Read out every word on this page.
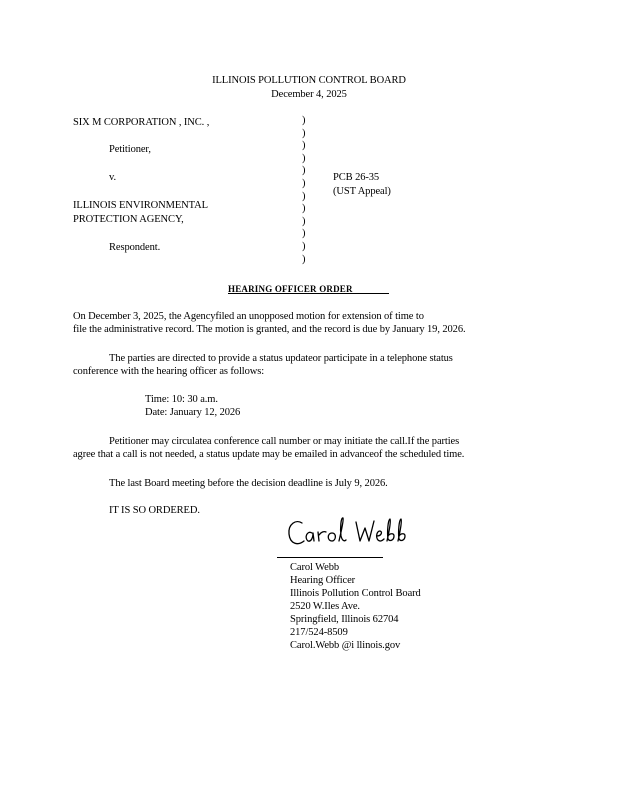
ILLINOIS POLLUTION CONTROL BOARD
December 4, 2025
SIX M CORPORATION , INC. ,
Petitioner,
v.
ILLINOIS ENVIRONMENTAL
PROTECTION AGENCY,
Respondent.
)
)
)
)
)
)
)
)
)
)
)
)
PCB 26-35
(UST Appeal)
HEARING OFFICER ORDER
On December 3, 2025, the Agencyfiled an unopposed motion for extension of time to
file the administrative record. The motion is granted, and the record is due by January 19, 2026.
The parties are directed to provide a status updateor participate in a telephone status
conference with the hearing officer as follows:
Time: 10: 30 a.m.
Date: January 12, 2026
Petitioner may circulatea conference call number or may initiate the call.If the parties
agree that a call is not needed, a status update may be emailed in advanceof the scheduled time.
The last Board meeting before the decision deadline is July 9, 2026.
IT IS SO ORDERED.
Carol Webb
Hearing Officer
Illinois Pollution Control Board
2520 W.Iles Ave.
Springfield, Illinois 62704
217/524-8509
Carol.Webb @i llinois.gov
